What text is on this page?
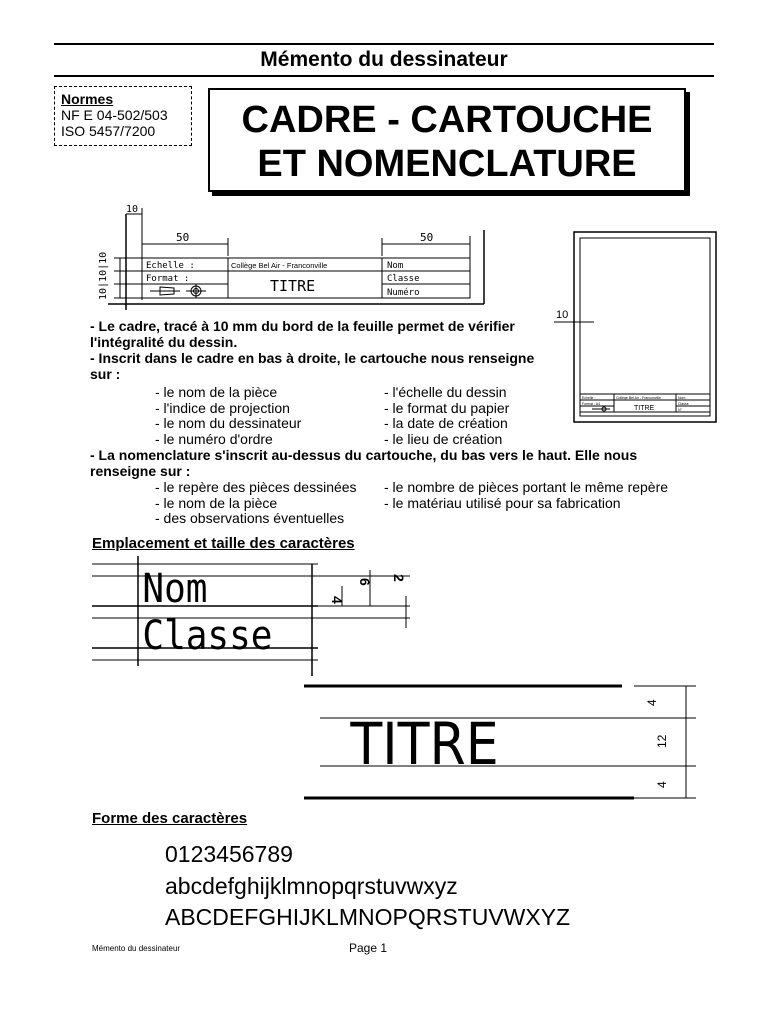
Mémento du dessinateur
Normes
NF E 04-502/503
ISO 5457/7200	CADRE - CARTOUCHE
ET NOMENCLATURE
10
50	50
10|10|10	Echelle :
Format :
Collège Bel Air - Franconville
TITRE
Nom
Classe
Numéro
10
Echelle :
Format : A4
Collège Bel Air - Franconville
TITRE
Nom
Classe
N°
- Le cadre, tracé à 10 mm du bord de la feuille permet de vérifier l'intégralité du dessin.
- Inscrit dans le cadre en bas à droite, le cartouche nous renseigne sur :
- le nom de la pièce
- l'indice de projection
- le nom du dessinateur
- le numéro d'ordre
- l'échelle du dessin
- le format du papier
- la date de création
- le lieu de création
- La nomenclature s'inscrit au-dessus du cartouche, du bas vers le haut. Elle nous renseigne sur :
- le repère des pièces dessinées
- le nom de la pièce
- des observations éventuelles
- le nombre de pièces portant le même repère
- le matériau utilisé pour sa fabrication
Emplacement et taille des caractères
Nom
Classe
4
6
2
TITRE
4
12
4
Forme des caractères
0123456789
abcdefghijklmnopqrstuvwxyz
ABCDEFGHIJKLMNOPQRSTUVWXYZ
Mémento du dessinateur	Page 1
